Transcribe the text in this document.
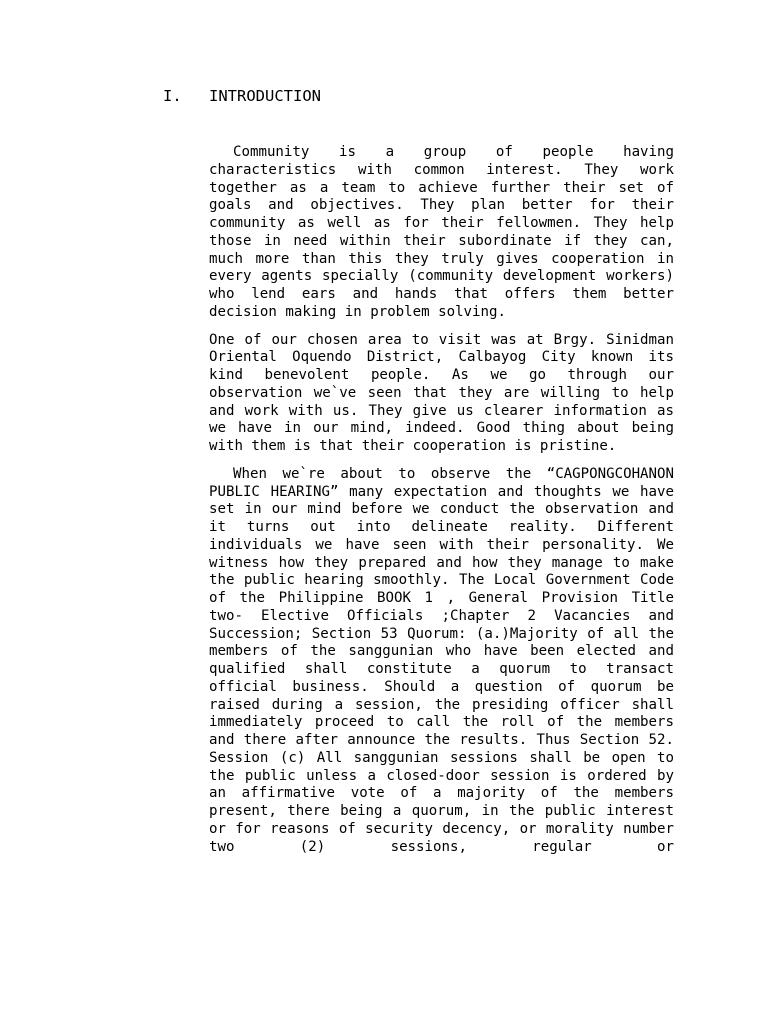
I. INTRODUCTION

Community is a group of people having characteristics with common interest. They work together as a team to achieve further their set of goals and objectives. They plan better for their community as well as for their fellowmen. They help those in need within their subordinate if they can, much more than this they truly gives cooperation in every agents specially (community development workers) who lend ears and hands that offers them better decision making in problem solving.

One of our chosen area to visit was at Brgy. Sinidman Oriental Oquendo District, Calbayog City known its kind benevolent people. As we go through our observation we`ve seen that they are willing to help and work with us. They give us clearer information as we have in our mind, indeed. Good thing about being with them is that their cooperation is pristine.

When we`re about to observe the “CAGPONGCOHANON PUBLIC HEARING” many expectation and thoughts we have set in our mind before we conduct the observation and it turns out into delineate reality. Different individuals we have seen with their personality. We witness how they prepared and how they manage to make the public hearing smoothly. The Local Government Code of the Philippine BOOK 1 , General Provision Title two- Elective Officials ;Chapter 2 Vacancies and Succession; Section 53 Quorum: (a.)Majority of all the members of the sanggunian who have been elected and qualified shall constitute a quorum to transact official business. Should a question of quorum be raised during a session, the presiding officer shall immediately proceed to call the roll of the members and there after announce the results. Thus Section 52. Session (c) All sanggunian sessions shall be open to the public unless a closed-door session is ordered by an affirmative vote of a majority of the members present, there being a quorum, in the public interest or for reasons of security decency, or morality number two (2) sessions, regular or
